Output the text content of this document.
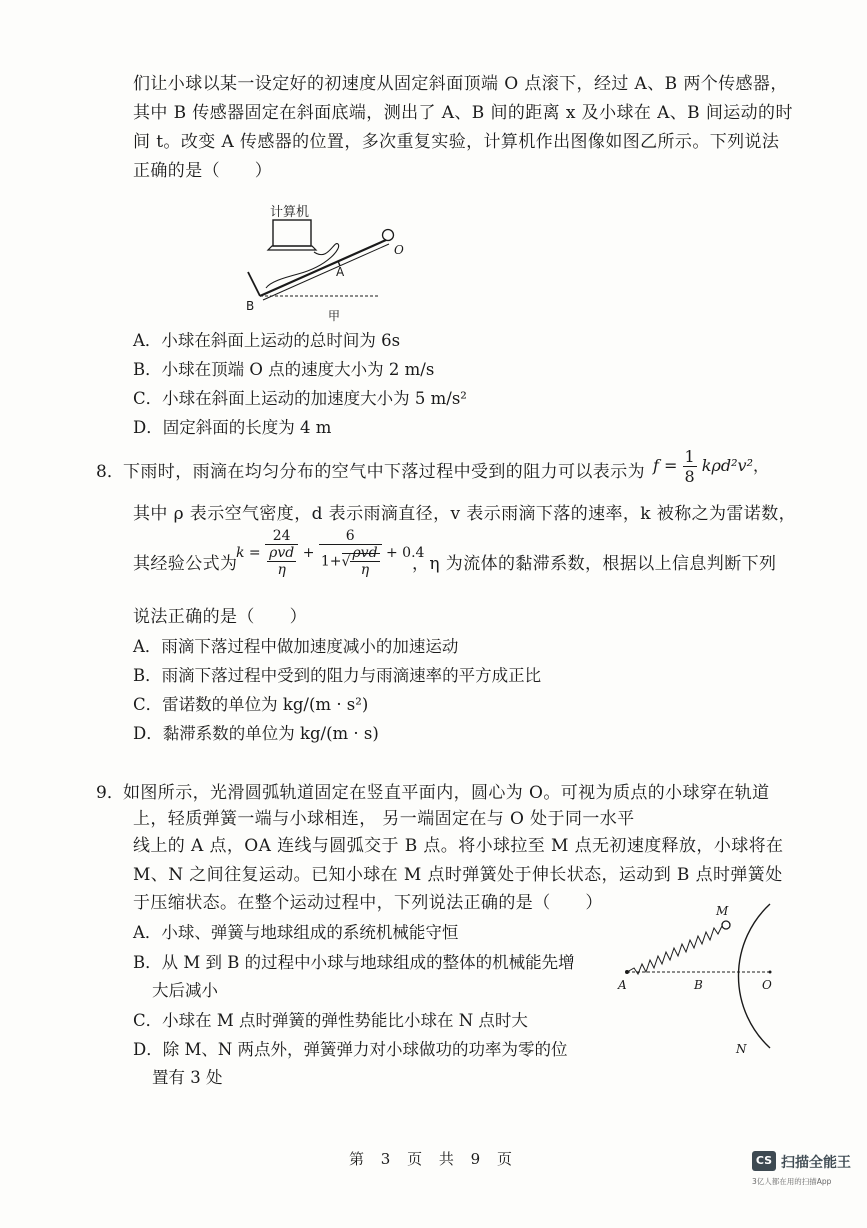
们让小球以某一设定好的初速度从固定斜面顶端 O 点滚下，经过 A、B 两个传感器，
其中 B 传感器固定在斜面底端，测出了 A、B 间的距离 x 及小球在 A、B 间运动的时
间 t。改变 A 传感器的位置，多次重复实验，计算机作出图像如图乙所示。下列说法
正确的是（　　）
计算机
O
A
B
甲
A．小球在斜面上运动的总时间为 6s
B．小球在顶端 O 点的速度大小为 2 m/s
C．小球在斜面上运动的加速度大小为 5 m/s²
D．固定斜面的长度为 4 m
8． 下雨时，雨滴在均匀分布的空气中下落过程中受到的阻力可以表示为 $f = \frac{1}{8} k\rho d^2v^2$，
其中 ρ 表示空气密度，d 表示雨滴直径，v 表示雨滴下落的速率，k 被称之为雷诺数，
其经验公式为
$k = \frac{24}{\frac{\text{ρvd}}{\eta}} + \frac{6}{1+√ \frac{\text{ρvd}}{\eta}} + 0.4$
，η 为流体的黏滞系数，根据以上信息判断下列
说法正确的是（　　）
A．雨滴下落过程中做加速度减小的加速运动
B．雨滴下落过程中受到的阻力与雨滴速率的平方成正比
C．雷诺数的单位为 kg/(m · s²)
D．黏滞系数的单位为 kg/(m · s)
9． 如图所示，光滑圆弧轨道固定在竖直平面内，圆心为 O。可视为质点的小球穿在轨道
上，轻质弹簧一端与小球相连， 另一端固定在与 O 处于同一水平
线上的 A 点，OA 连线与圆弧交于 B 点。将小球拉至 M 点无初速度释放，小球将在
M、N 之间往复运动。已知小球在 M 点时弹簧处于伸长状态，运动到 B 点时弹簧处
于压缩状态。在整个运动过程中，下列说法正确的是（　　）
A．小球、弹簧与地球组成的系统机械能守恒
B．从 M 到 B 的过程中小球与地球组成的整体的机械能先增
大后减小
C．小球在 M 点时弹簧的弹性势能比小球在 N 点时大
D．除 M、N 两点外，弹簧弹力对小球做功的功率为零的位
置有 3 处
M
A	B	O
N
第 3 页 共 9 页	CS 扫描全能王
3亿人都在用的扫描App
